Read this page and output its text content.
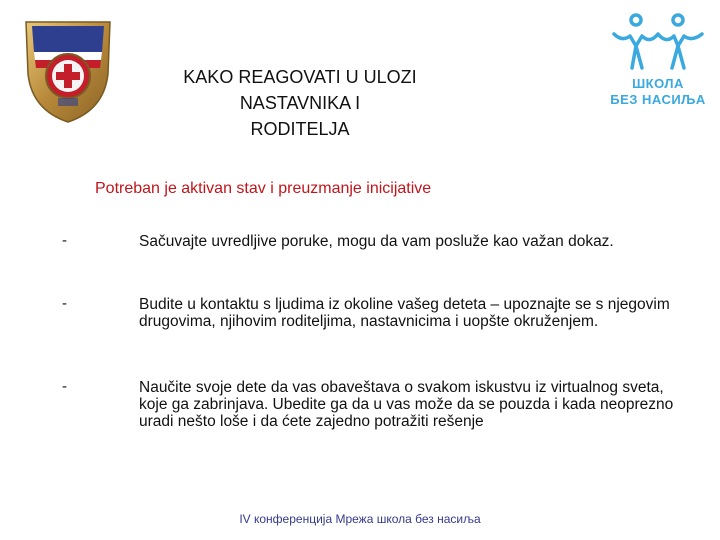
KAKO REAGOVATI U ULOZI NASTAVNIKA I
RODITELJA
ШКОЛА
БЕЗ НАСИЉА
Potreban je aktivan stav i preuzmanje inicijative
-	Sačuvajte uvredljive poruke, mogu da vam posluže kao važan dokaz.
-	Budite u kontaktu s ljudima iz okoline vašeg deteta – upoznajte se s njegovim drugovima, njihovim roditeljima, nastavnicima i uopšte okruženjem.
-	Naučite svoje dete da vas obaveštava o svakom iskustvu iz virtualnog sveta, koje ga zabrinjava. Ubedite ga da u vas može da se pouzda i kada neoprezno uradi nešto loše i da ćete zajedno potražiti rešenje
IV конференција Мрежа школа без насиља
